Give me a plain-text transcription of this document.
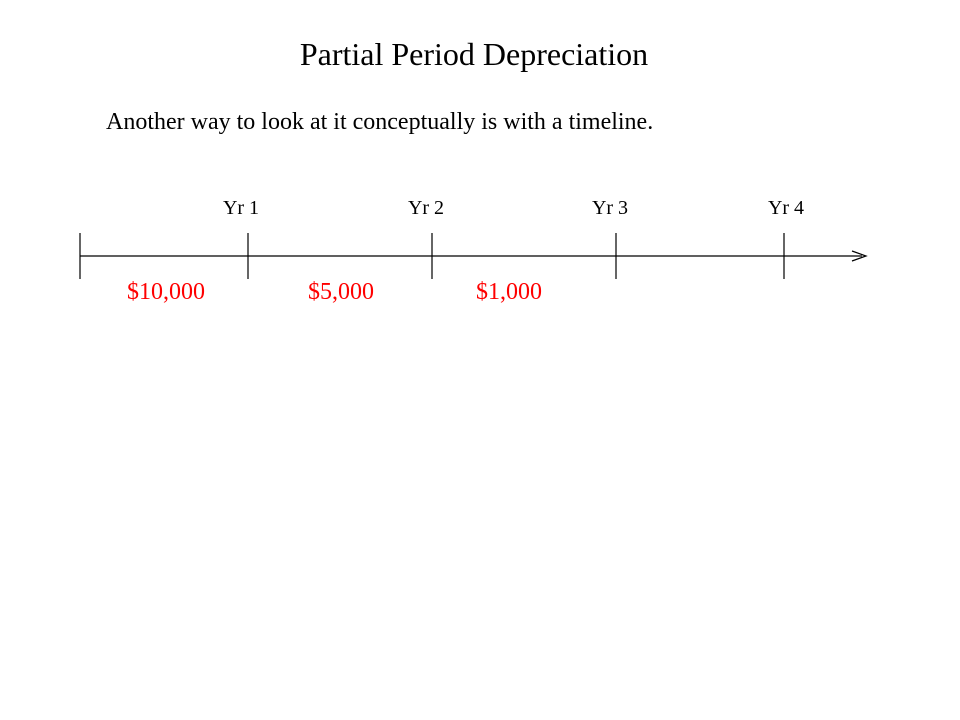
Partial Period Depreciation

Another way to look at it conceptually is with a timeline.

Yr 1	Yr 2	Yr 3	Yr 4
$10,000	$5,000	$1,000
